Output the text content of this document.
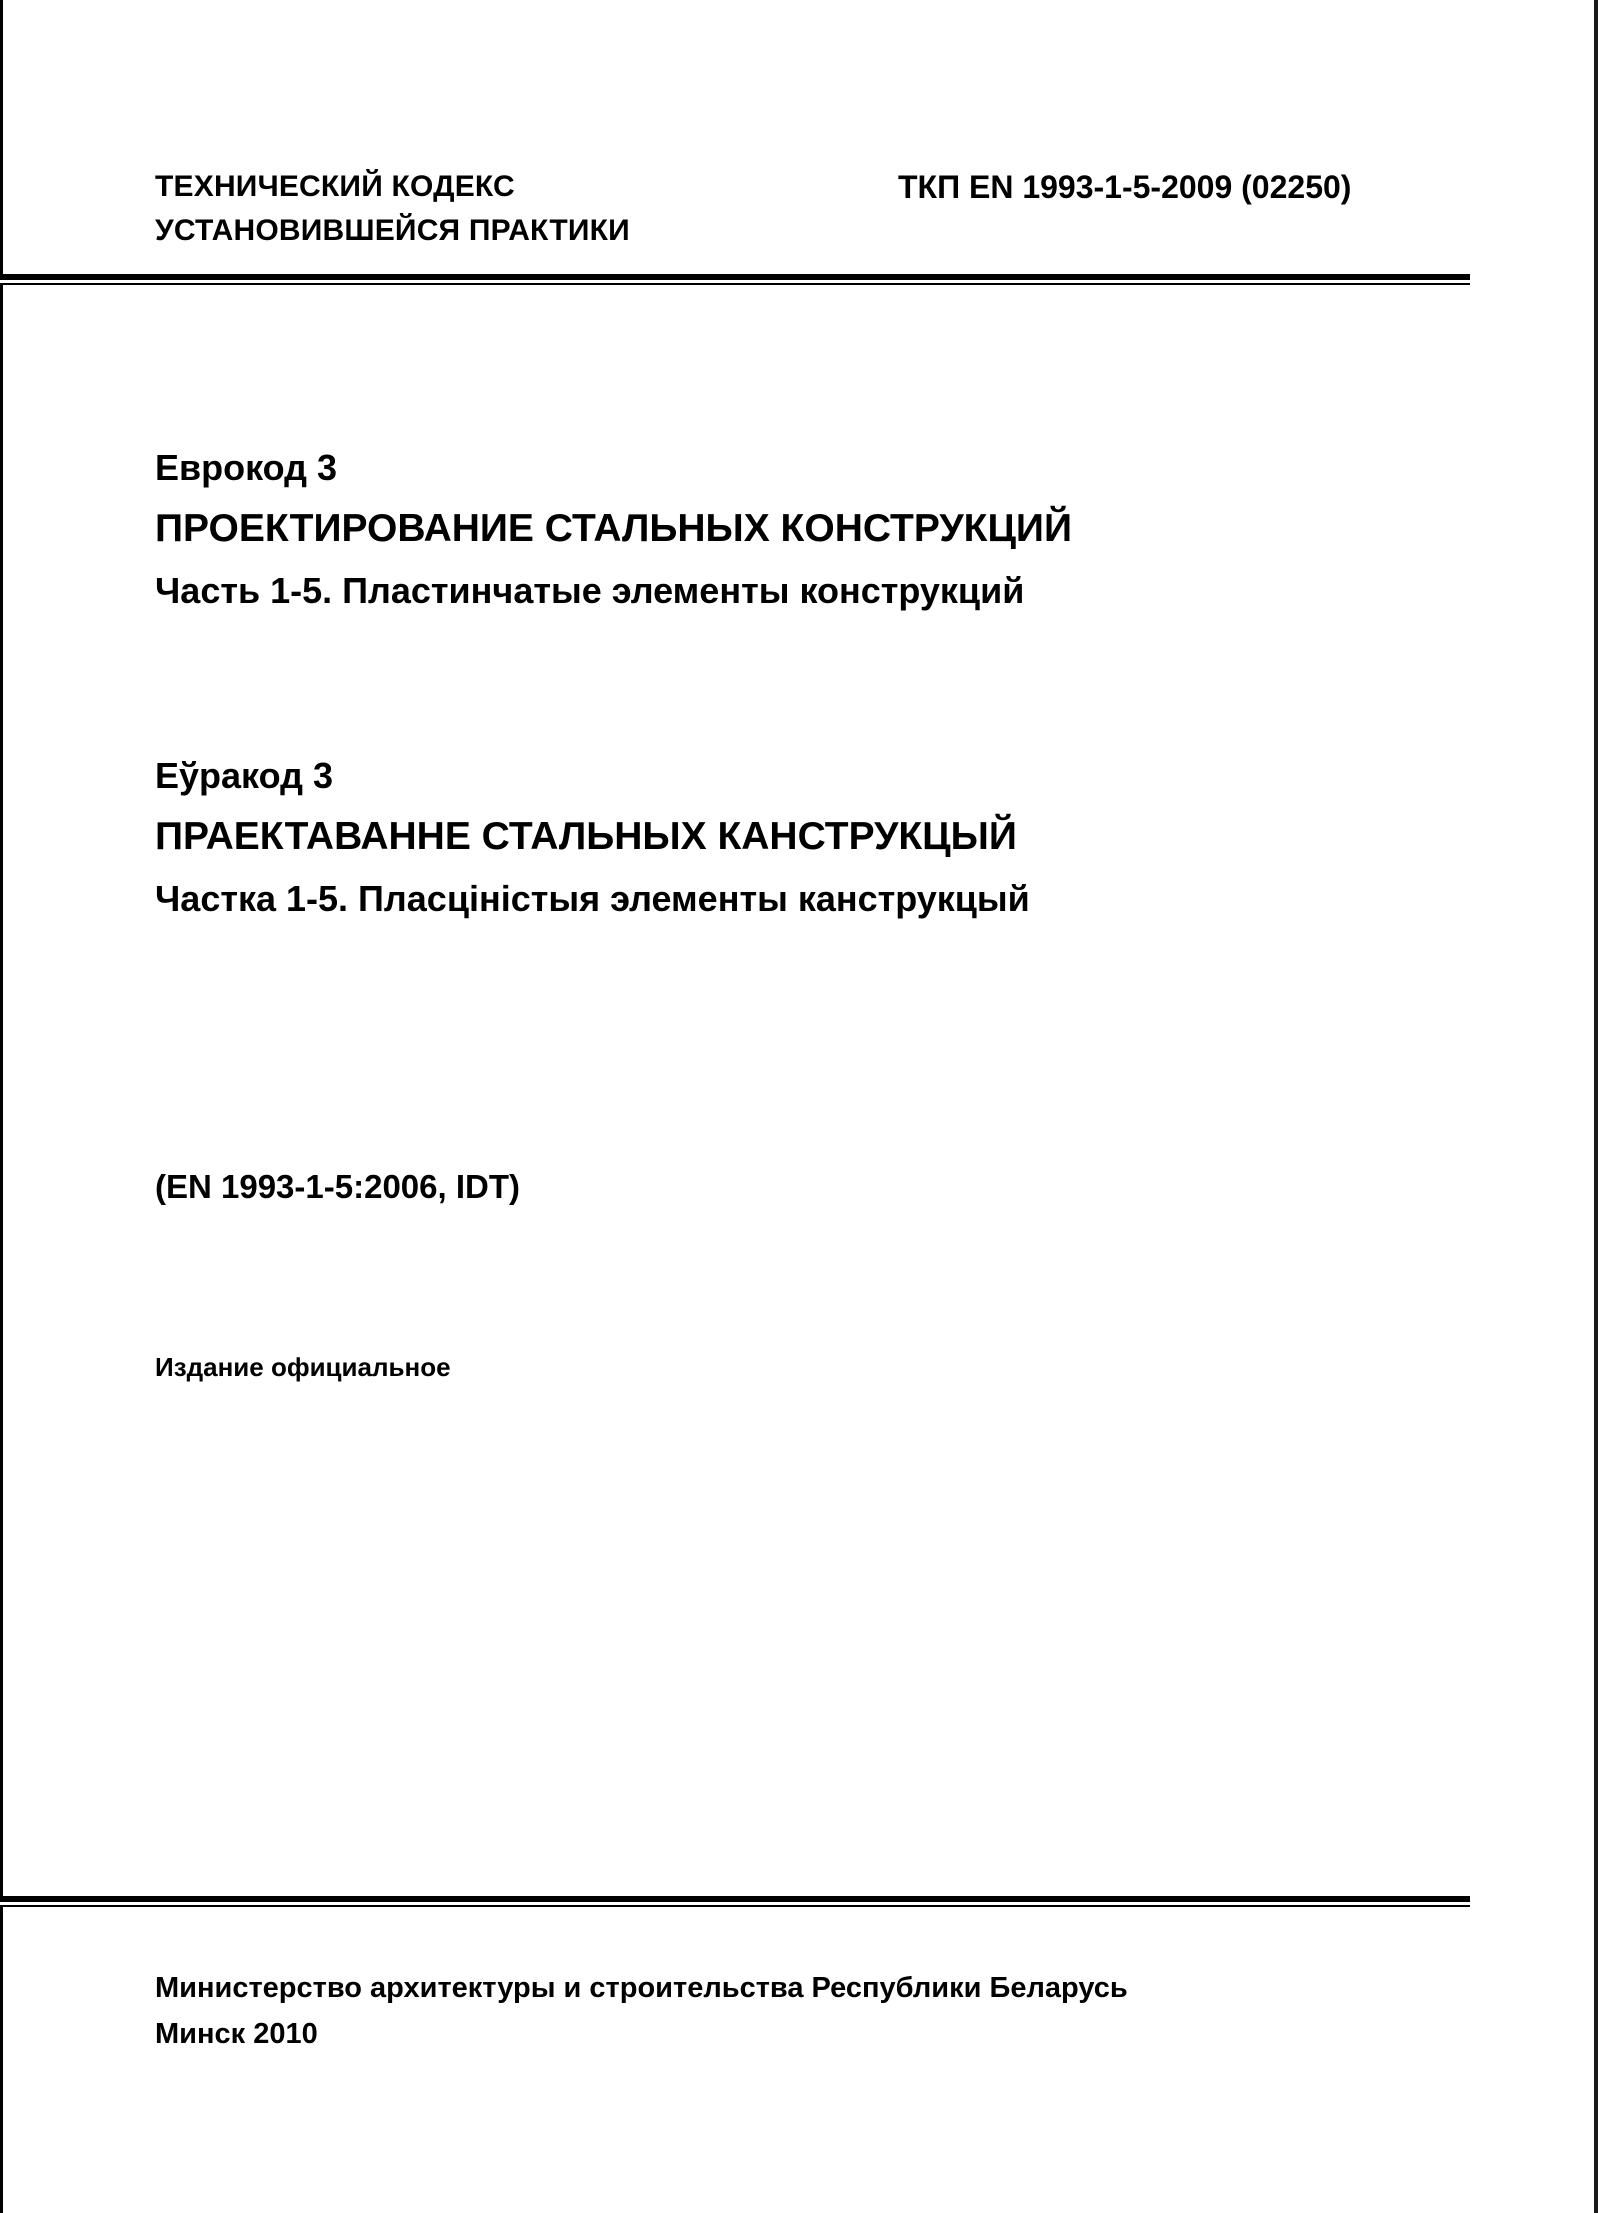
ТЕХНИЧЕСКИЙ КОДЕКС
УСТАНОВИВШЕЙСЯ ПРАКТИКИ
ТКП EN 1993-1-5-2009 (02250)
Еврокод 3
ПРОЕКТИРОВАНИЕ СТАЛЬНЫХ КОНСТРУКЦИЙ
Часть 1-5. Пластинчатые элементы конструкций
Еўракод 3
ПРАЕКТАВАННЕ СТАЛЬНЫХ КАНСТРУКЦЫЙ
Частка 1-5. Пласціністыя элементы канструкцый
(EN 1993-1-5:2006, IDT)
Издание официальное
Министерство архитектуры и строительства Республики Беларусь
Минск 2010
